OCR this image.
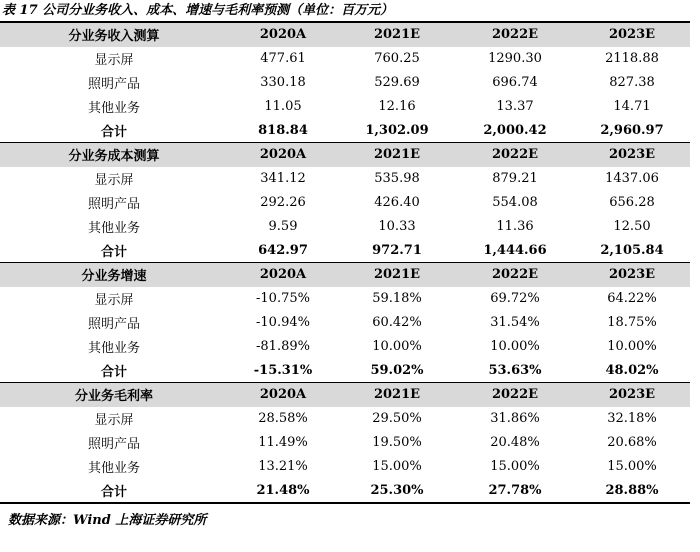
表 17 公司分业务收入、成本、增速与毛利率预测（单位：百万元）
分业务收入测算	2020A	2021E	2022E	2023E
显示屏	477.61	760.25	1290.30	2118.88
照明产品	330.18	529.69	696.74	827.38
其他业务	11.05	12.16	13.37	14.71
合计	818.84	1,302.09	2,000.42	2,960.97
分业务成本测算	2020A	2021E	2022E	2023E
显示屏	341.12	535.98	879.21	1437.06
照明产品	292.26	426.40	554.08	656.28
其他业务	9.59	10.33	11.36	12.50
合计	642.97	972.71	1,444.66	2,105.84
分业务增速	2020A	2021E	2022E	2023E
显示屏	-10.75%	59.18%	69.72%	64.22%
照明产品	-10.94%	60.42%	31.54%	18.75%
其他业务	-81.89%	10.00%	10.00%	10.00%
合计	-15.31%	59.02%	53.63%	48.02%
分业务毛利率	2020A	2021E	2022E	2023E
显示屏	28.58%	29.50%	31.86%	32.18%
照明产品	11.49%	19.50%	20.48%	20.68%
其他业务	13.21%	15.00%	15.00%	15.00%
合计	21.48%	25.30%	27.78%	28.88%
数据来源：Wind 上海证券研究所
